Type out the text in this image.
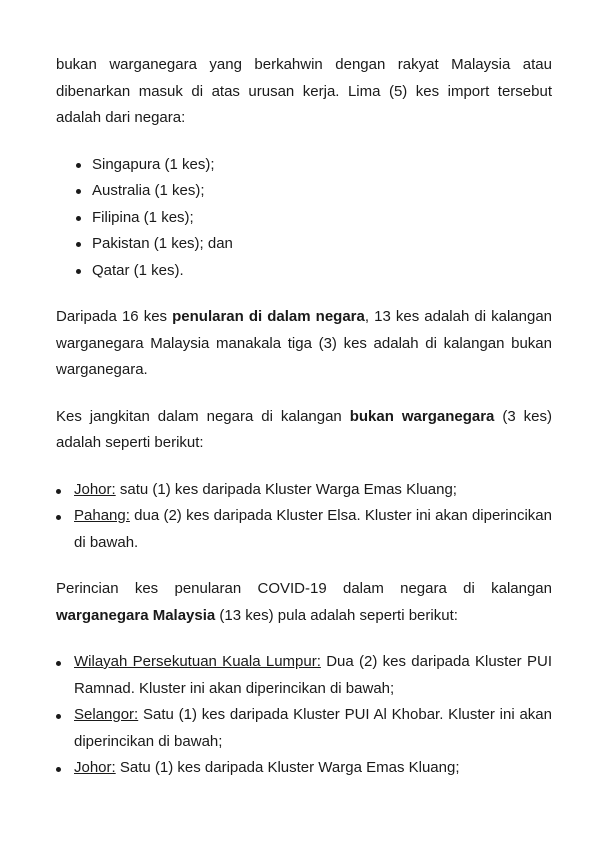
bukan warganegara yang berkahwin dengan rakyat Malaysia atau dibenarkan masuk di atas urusan kerja. Lima (5) kes import tersebut adalah dari negara:

Singapura (1 kes);
Australia (1 kes);
Filipina (1 kes);
Pakistan (1 kes); dan
Qatar (1 kes).

Daripada 16 kes penularan di dalam negara, 13 kes adalah di kalangan warganegara Malaysia manakala tiga (3) kes adalah di kalangan bukan warganegara.

Kes jangkitan dalam negara di kalangan bukan warganegara (3 kes) adalah seperti berikut:

Johor: satu (1) kes daripada Kluster Warga Emas Kluang;
Pahang: dua (2) kes daripada Kluster Elsa. Kluster ini akan diperincikan di bawah.

Perincian kes penularan COVID-19 dalam negara di kalangan warganegara Malaysia (13 kes) pula adalah seperti berikut:

Wilayah Persekutuan Kuala Lumpur: Dua (2) kes daripada Kluster PUI Ramnad. Kluster ini akan diperincikan di bawah;
Selangor: Satu (1) kes daripada Kluster PUI Al Khobar. Kluster ini akan diperincikan di bawah;
Johor: Satu (1) kes daripada Kluster Warga Emas Kluang;
